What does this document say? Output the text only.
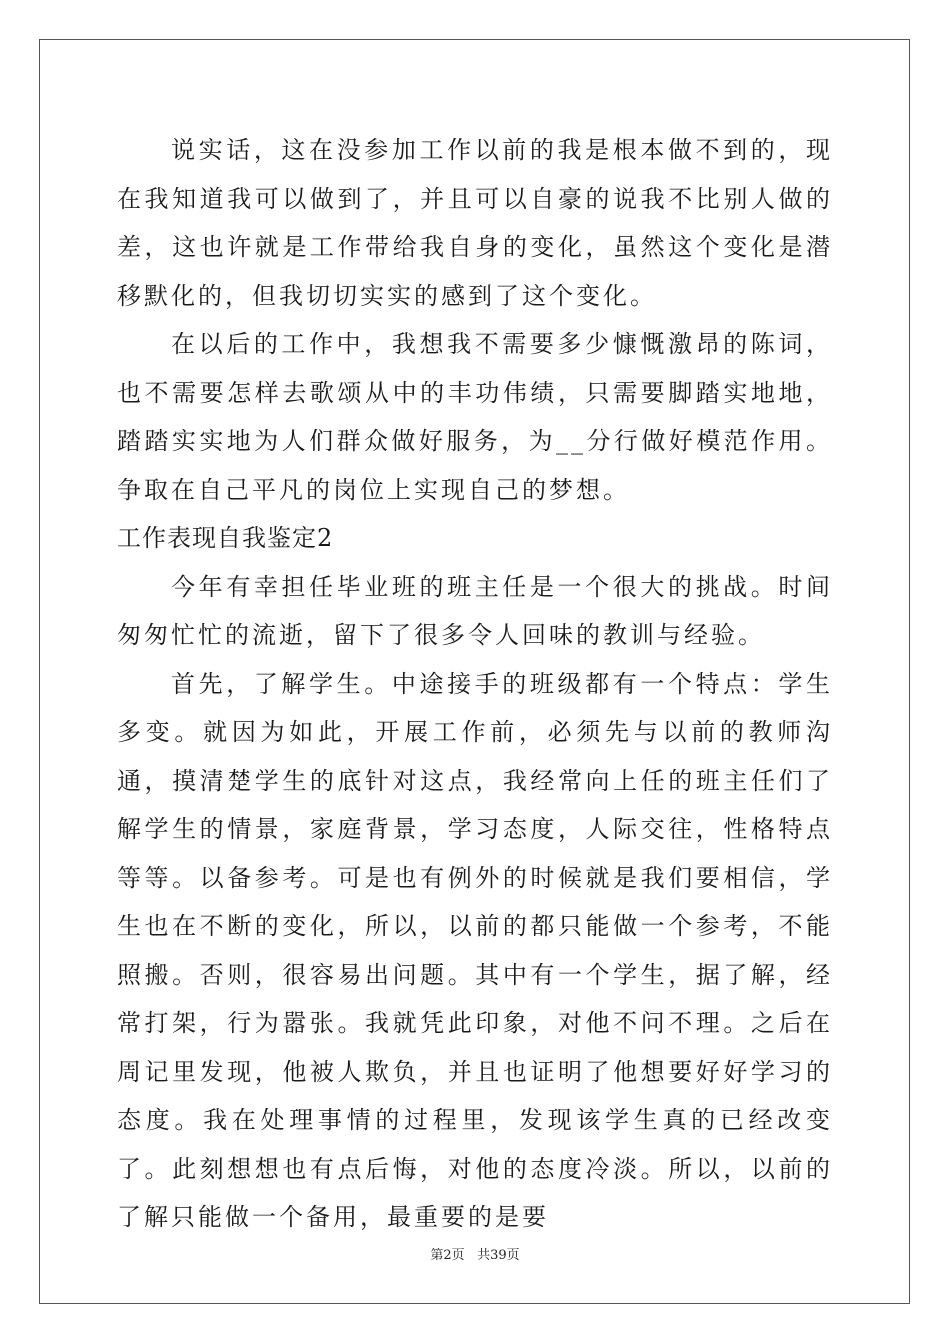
说实话，这在没参加工作以前的我是根本做不到的，现在我知道我可以做到了，并且可以自豪的说我不比别人做的差，这也许就是工作带给我自身的变化，虽然这个变化是潜移默化的，但我切切实实的感到了这个变化。

在以后的工作中，我想我不需要多少慷慨激昂的陈词，也不需要怎样去歌颂从中的丰功伟绩，只需要脚踏实地地，踏踏实实地为人们群众做好服务，为__分行做好模范作用。争取在自己平凡的岗位上实现自己的梦想。

工作表现自我鉴定2

今年有幸担任毕业班的班主任是一个很大的挑战。时间匆匆忙忙的流逝，留下了很多令人回味的教训与经验。

首先，了解学生。中途接手的班级都有一个特点：学生多变。就因为如此，开展工作前，必须先与以前的教师沟通，摸清楚学生的底针对这点，我经常向上任的班主任们了解学生的情景，家庭背景，学习态度，人际交往，性格特点等等。以备参考。可是也有例外的时候就是我们要相信，学生也在不断的变化，所以，以前的都只能做一个参考，不能照搬。否则，很容易出问题。其中有一个学生，据了解，经常打架，行为嚣张。我就凭此印象，对他不问不理。之后在周记里发现，他被人欺负，并且也证明了他想要好好学习的态度。我在处理事情的过程里，发现该学生真的已经改变了。此刻想想也有点后悔，对他的态度冷淡。所以，以前的了解只能做一个备用，最重要的是要

第2页 共39页
